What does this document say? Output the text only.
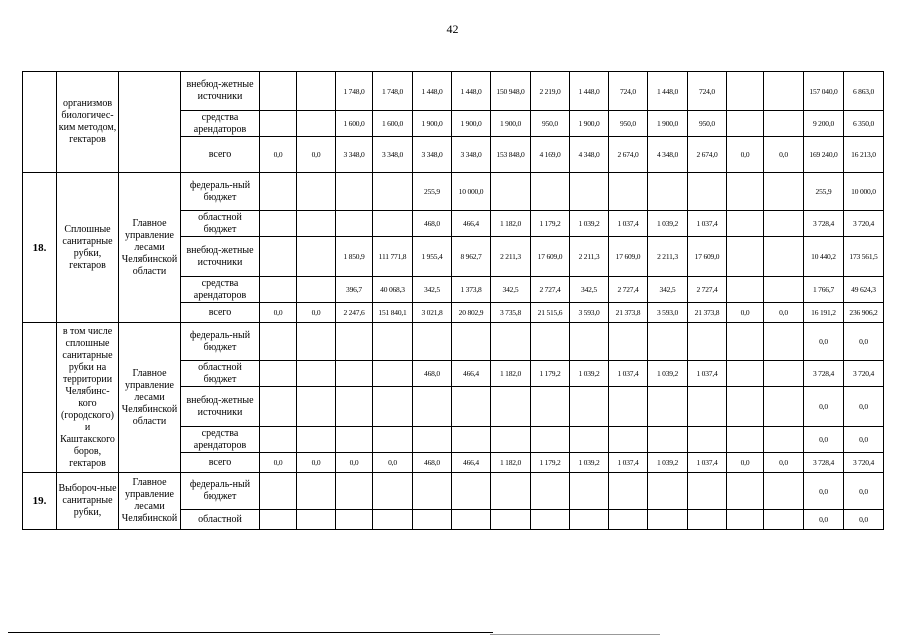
42
	организмов биологичес-ким методом, гектаров		внебюд-жетные источники			1 748,0	1 748,0	1 448,0	1 448,0	150 948,0	2 219,0	1 448,0	724,0	1 448,0	724,0			157 040,0	6 863,0
			средства арендаторов			1 600,0	1 600,0	1 900,0	1 900,0	1 900,0	950,0	1 900,0	950,0	1 900,0	950,0			9 200,0	6 350,0
			всего	0,0	0,0	3 348,0	3 348,0	3 348,0	3 348,0	153 848,0	4 169,0	4 348,0	2 674,0	4 348,0	2 674,0	0,0	0,0	169 240,0	16 213,0
18.	Сплошные санитарные рубки, гектаров	Главное управление лесами Челябинской области	федераль-ный бюджет					255,9	10 000,0									255,9	10 000,0
			областной бюджет					468,0	466,4	1 182,0	1 179,2	1 039,2	1 037,4	1 039,2	1 037,4			3 728,4	3 720,4
			внебюд-жетные источники			1 850,9	111 771,8	1 955,4	8 962,7	2 211,3	17 609,0	2 211,3	17 609,0	2 211,3	17 609,0			10 440,2	173 561,5
			средства арендаторов			396,7	40 068,3	342,5	1 373,8	342,5	2 727,4	342,5	2 727,4	342,5	2 727,4			1 766,7	49 624,3
			всего	0,0	0,0	2 247,6	151 840,1	3 021,8	20 802,9	3 735,8	21 515,6	3 593,0	21 373,8	3 593,0	21 373,8	0,0	0,0	16 191,2	236 906,2
	в том числе сплошные санитарные рубки на территории Челябинс-кого (городского) и Каштакского боров, гектаров	Главное управление лесами Челябинской области	федераль-ный бюджет															0,0	0,0
			областной бюджет					468,0	466,4	1 182,0	1 179,2	1 039,2	1 037,4	1 039,2	1 037,4			3 728,4	3 720,4
			внебюд-жетные источники															0,0	0,0
			средства арендаторов															0,0	0,0
			всего	0,0	0,0	0,0	0,0	468,0	466,4	1 182,0	1 179,2	1 039,2	1 037,4	1 039,2	1 037,4	0,0	0,0	3 728,4	3 720,4
19.	Выбороч-ные санитарные рубки,	Главное управление лесами Челябинской	федераль-ный бюджет															0,0	0,0
			областной															0,0	0,0
